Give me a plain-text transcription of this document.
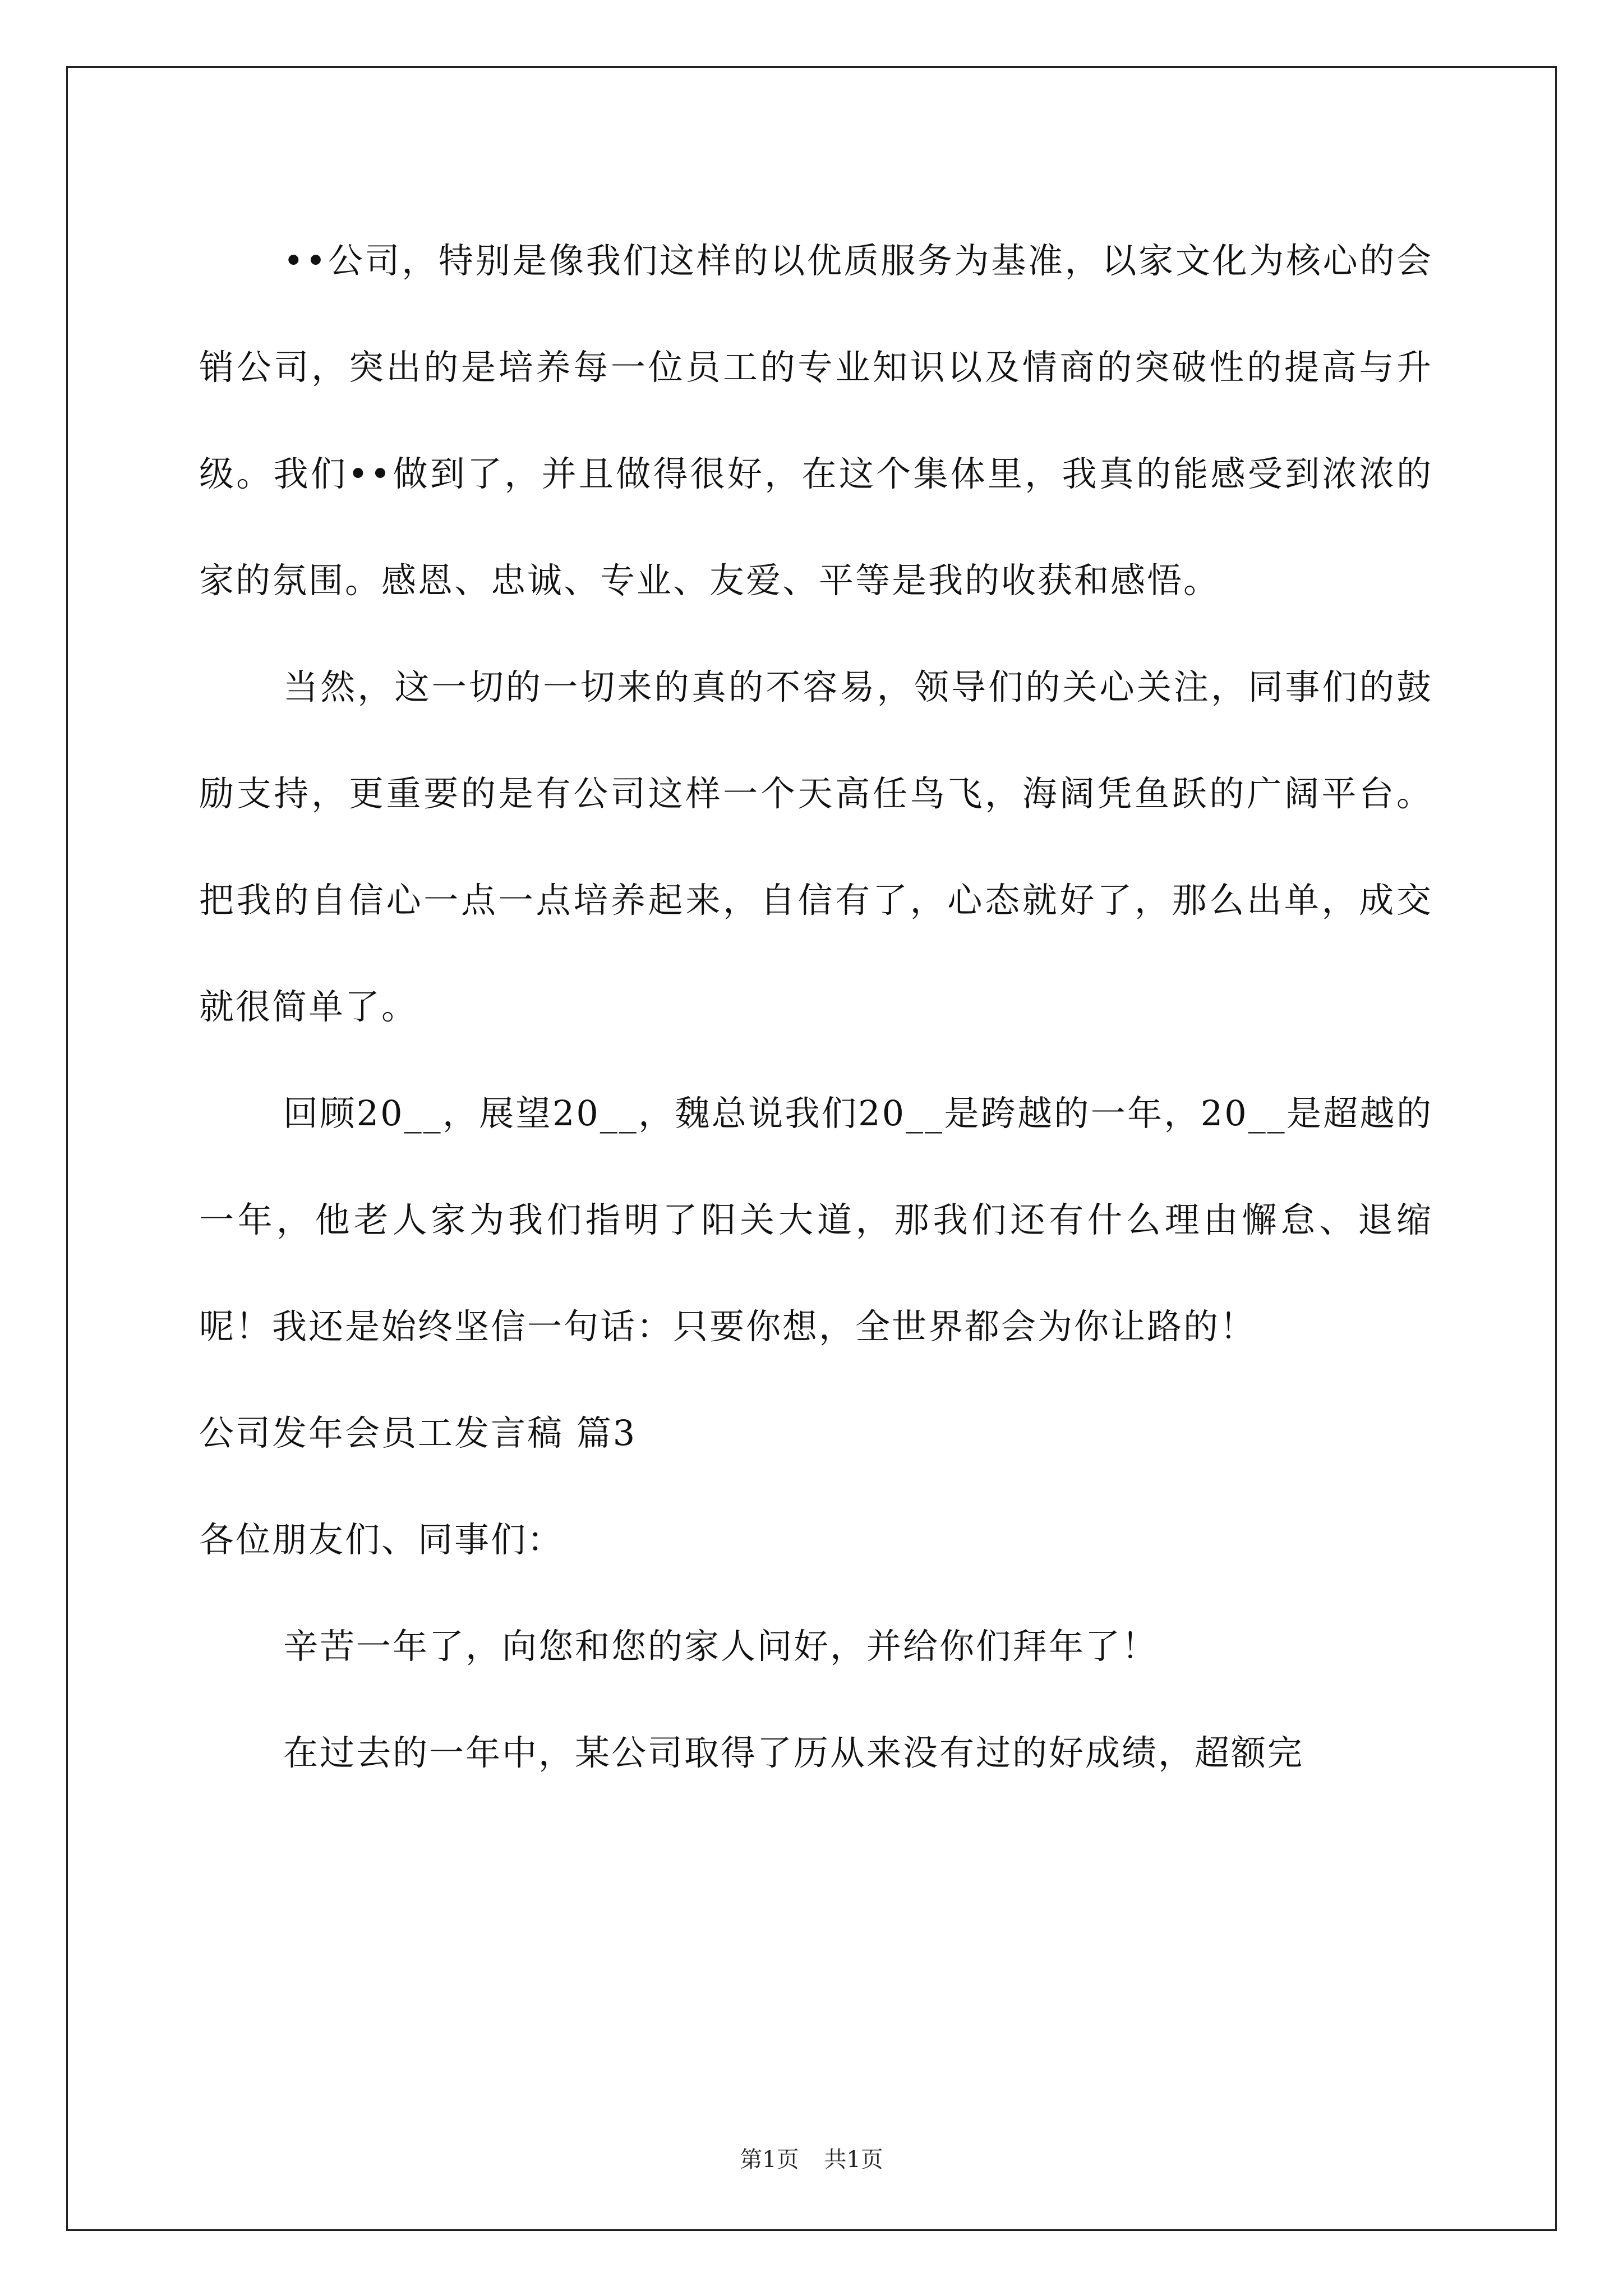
••公司，特别是像我们这样的以优质服务为基准，以家文化为核心的会销公司，突出的是培养每一位员工的专业知识以及情商的突破性的提高与升级。我们••做到了，并且做得很好，在这个集体里，我真的能感受到浓浓的家的氛围。感恩、忠诚、专业、友爱、平等是我的收获和感悟。

当然，这一切的一切来的真的不容易，领导们的关心关注，同事们的鼓励支持，更重要的是有公司这样一个天高任鸟飞，海阔凭鱼跃的广阔平台。把我的自信心一点一点培养起来，自信有了，心态就好了，那么出单，成交就很简单了。

回顾20__，展望20__，魏总说我们20__是跨越的一年，20__是超越的一年，他老人家为我们指明了阳关大道，那我们还有什么理由懈怠、退缩呢！我还是始终坚信一句话：只要你想，全世界都会为你让路的！

公司发年会员工发言稿 篇3

各位朋友们、同事们：

辛苦一年了，向您和您的家人问好，并给你们拜年了！

在过去的一年中，某公司取得了历从来没有过的好成绩，超额完

第1页 共1页
